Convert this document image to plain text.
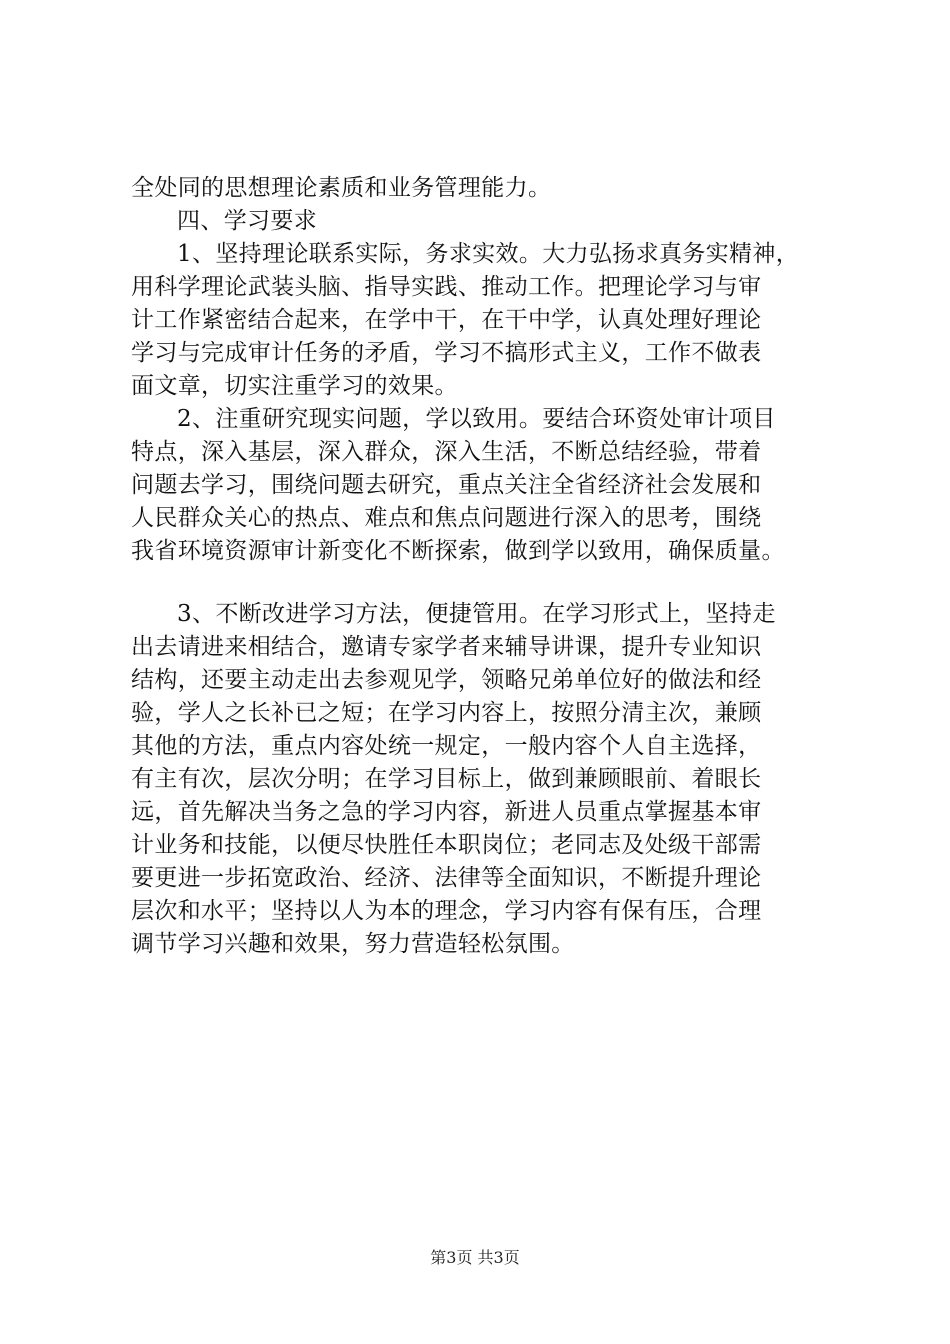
全处同的思想理论素质和业务管理能力。
四、学习要求
1、坚持理论联系实际，务求实效。大力弘扬求真务实精神，
用科学理论武装头脑、指导实践、推动工作。把理论学习与审
计工作紧密结合起来，在学中干，在干中学，认真处理好理论
学习与完成审计任务的矛盾，学习不搞形式主义，工作不做表
面文章，切实注重学习的效果。
2、注重研究现实问题，学以致用。要结合环资处审计项目
特点，深入基层，深入群众，深入生活，不断总结经验，带着
问题去学习，围绕问题去研究，重点关注全省经济社会发展和
人民群众关心的热点、难点和焦点问题进行深入的思考，围绕
我省环境资源审计新变化不断探索，做到学以致用，确保质量。
3、不断改进学习方法，便捷管用。在学习形式上，坚持走
出去请进来相结合，邀请专家学者来辅导讲课，提升专业知识
结构，还要主动走出去参观见学，领略兄弟单位好的做法和经
验，学人之长补已之短；在学习内容上，按照分清主次，兼顾
其他的方法，重点内容处统一规定，一般内容个人自主选择，
有主有次，层次分明；在学习目标上，做到兼顾眼前、着眼长
远，首先解决当务之急的学习内容，新进人员重点掌握基本审
计业务和技能，以便尽快胜任本职岗位；老同志及处级干部需
要更进一步拓宽政治、经济、法律等全面知识，不断提升理论
层次和水平；坚持以人为本的理念，学习内容有保有压，合理
调节学习兴趣和效果，努力营造轻松氛围。
第3页 共3页
